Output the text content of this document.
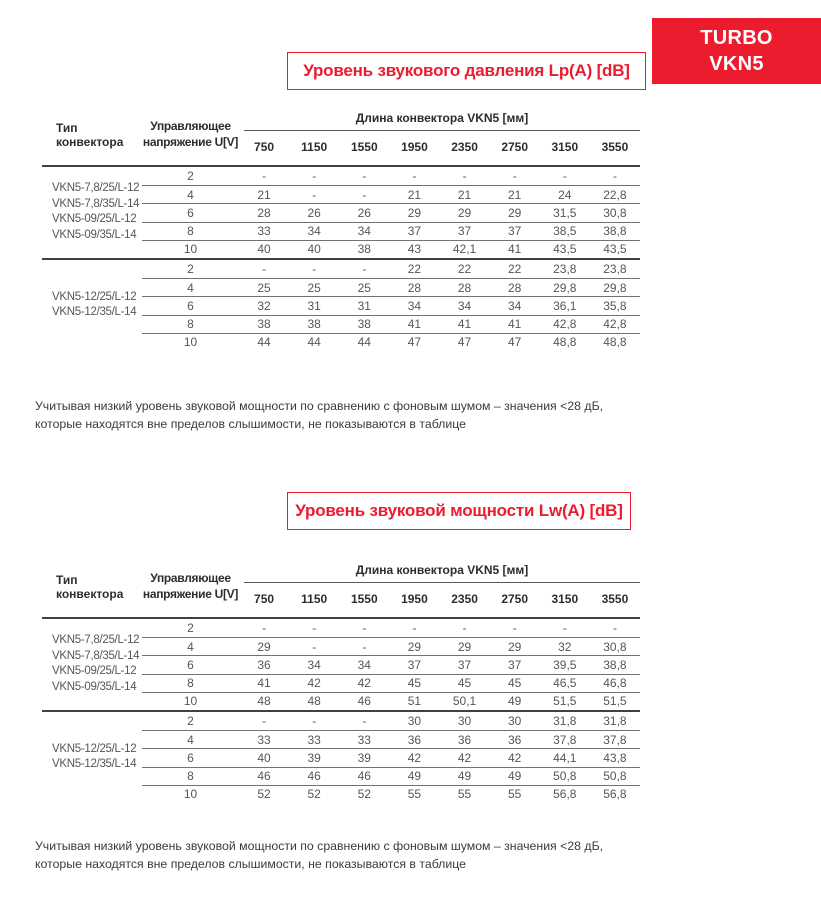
TURBO
VKN5
Уровень звукового давления Lp(A) [dB]
Тип конвектора
Управляющее напряжение U[V]
Длина конвектора VKN5 [мм]
750	1150	1550	1950	2350	2750	3150	3550
VKN5-7,8/25/L-12
VKN5-7,8/35/L-14
VKN5-09/25/L-12
VKN5-09/35/L-14
2	-	-	-	-	-	-	-	-
4	21	-	-	21	21	21	24	22,8
6	28	26	26	29	29	29	31,5	30,8
8	33	34	34	37	37	37	38,5	38,8
10	40	40	38	43	42,1	41	43,5	43,5
VKN5-12/25/L-12
VKN5-12/35/L-14
2	-	-	-	22	22	22	23,8	23,8
4	25	25	25	28	28	28	29,8	29,8
6	32	31	31	34	34	34	36,1	35,8
8	38	38	38	41	41	41	42,8	42,8
10	44	44	44	47	47	47	48,8	48,8

Учитывая низкий уровень звуковой мощности по сравнению с фоновым шумом – значения <28 дБ, которые находятся вне пределов слышимости, не показываются в таблице

Уровень звуковой мощности Lw(A) [dB]
Тип конвектора
Управляющее напряжение U[V]
Длина конвектора VKN5 [мм]
750	1150	1550	1950	2350	2750	3150	3550
VKN5-7,8/25/L-12
VKN5-7,8/35/L-14
VKN5-09/25/L-12
VKN5-09/35/L-14
2	-	-	-	-	-	-	-	-
4	29	-	-	29	29	29	32	30,8
6	36	34	34	37	37	37	39,5	38,8
8	41	42	42	45	45	45	46,5	46,8
10	48	48	46	51	50,1	49	51,5	51,5
VKN5-12/25/L-12
VKN5-12/35/L-14
2	-	-	-	30	30	30	31,8	31,8
4	33	33	33	36	36	36	37,8	37,8
6	40	39	39	42	42	42	44,1	43,8
8	46	46	46	49	49	49	50,8	50,8
10	52	52	52	55	55	55	56,8	56,8

Учитывая низкий уровень звуковой мощности по сравнению с фоновым шумом – значения <28 дБ, которые находятся вне пределов слышимости, не показываются в таблице
